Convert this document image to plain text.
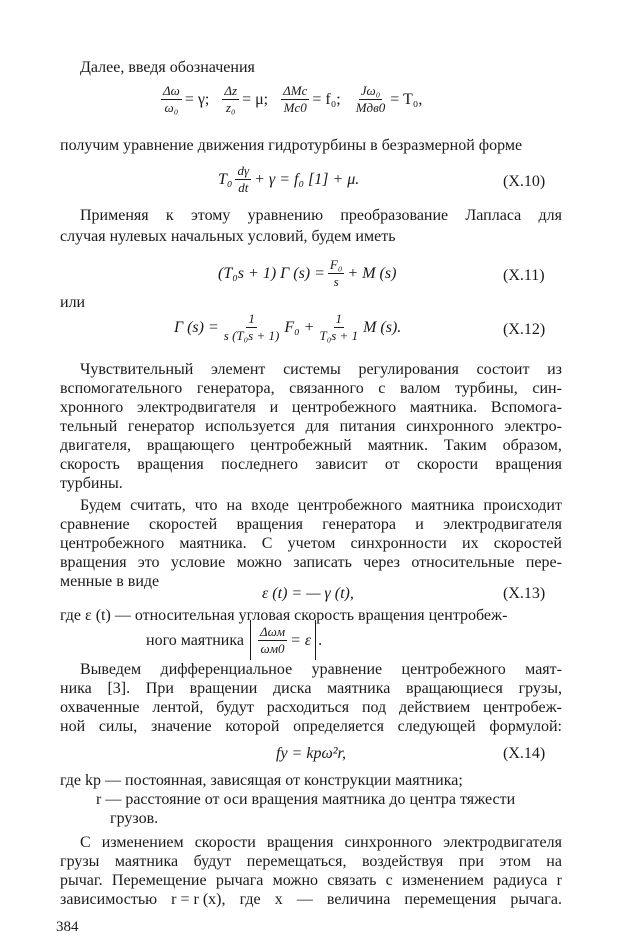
Далее, введя обозначения
$\frac{\Delta\omega}{\text{ω₀}} = \gamma$; $\frac{\Delta z}{\text{z₀}} = \mu$; $\frac{\text{ΔMc}}{Mc0} = f_0$; $\frac{\text{Jω₀}}{\text{Mдв0}} = T_0$,
получим уравнение движения гидротурбины в безразмерной форме
$T_0 \frac{d\gamma}{dt} + \gamma = f_0$ [1] + μ.	(X.10)
Применяя к этому уравнению преобразование Лапласа для
случая нулевых начальных условий, будем иметь
(T₀s + 1) Γ $(s) = \frac{\text{F₀}}{s} + M$ (s)	(X.11)
или
Γ $(s) = \frac{1}{\text{s (T₀s + 1)}} F_0 + \frac{1}{\text{T₀s + 1}}$ M (s).	(X.12)
Чувствительный элемент системы регулирования состоит из
вспомогательного генератора, связанного с валом турбины, син-
хронного электродвигателя и центробежного маятника. Вспомога-
тельный генератор используется для питания синхронного электро-
двигателя, вращающего центробежный маятник. Таким образом,
скорость вращения последнего зависит от скорости вращения
турбины.
Будем считать, что на входе центробежного маятника происходит
сравнение скоростей вращения генератора и электродвигателя
центробежного маятника. С учетом синхронности их скоростей
вращения это условие можно записать через относительные пере-
менные в виде
ε (t) = — γ (t),	(X.13)
где ε (t) — относительная угловая скорость вращения центробеж-
ного маятника $\frac{\text{Δωм}}{\omega м0} = \varepsilon$ .
Выведем дифференциальное уравнение центробежного маят-
ника [3]. При вращении диска маятника вращающиеся грузы,
охваченные лентой, будут расходиться под действием центробеж-
ной силы, значение которой определяется следующей формулой:
fy = kpω²r,	(X.14)
где kp — постоянная, зависящая от конструкции маятника;
r — расстояние от оси вращения маятника до центра тяжести
грузов.
С изменением скорости вращения синхронного электродвигателя
грузы маятника будут перемещаться, воздействуя при этом на
рычаг. Перемещение рычага можно связать с изменением радиуса r
зависимостью r = r (x), где x — величина перемещения рычага.
384
